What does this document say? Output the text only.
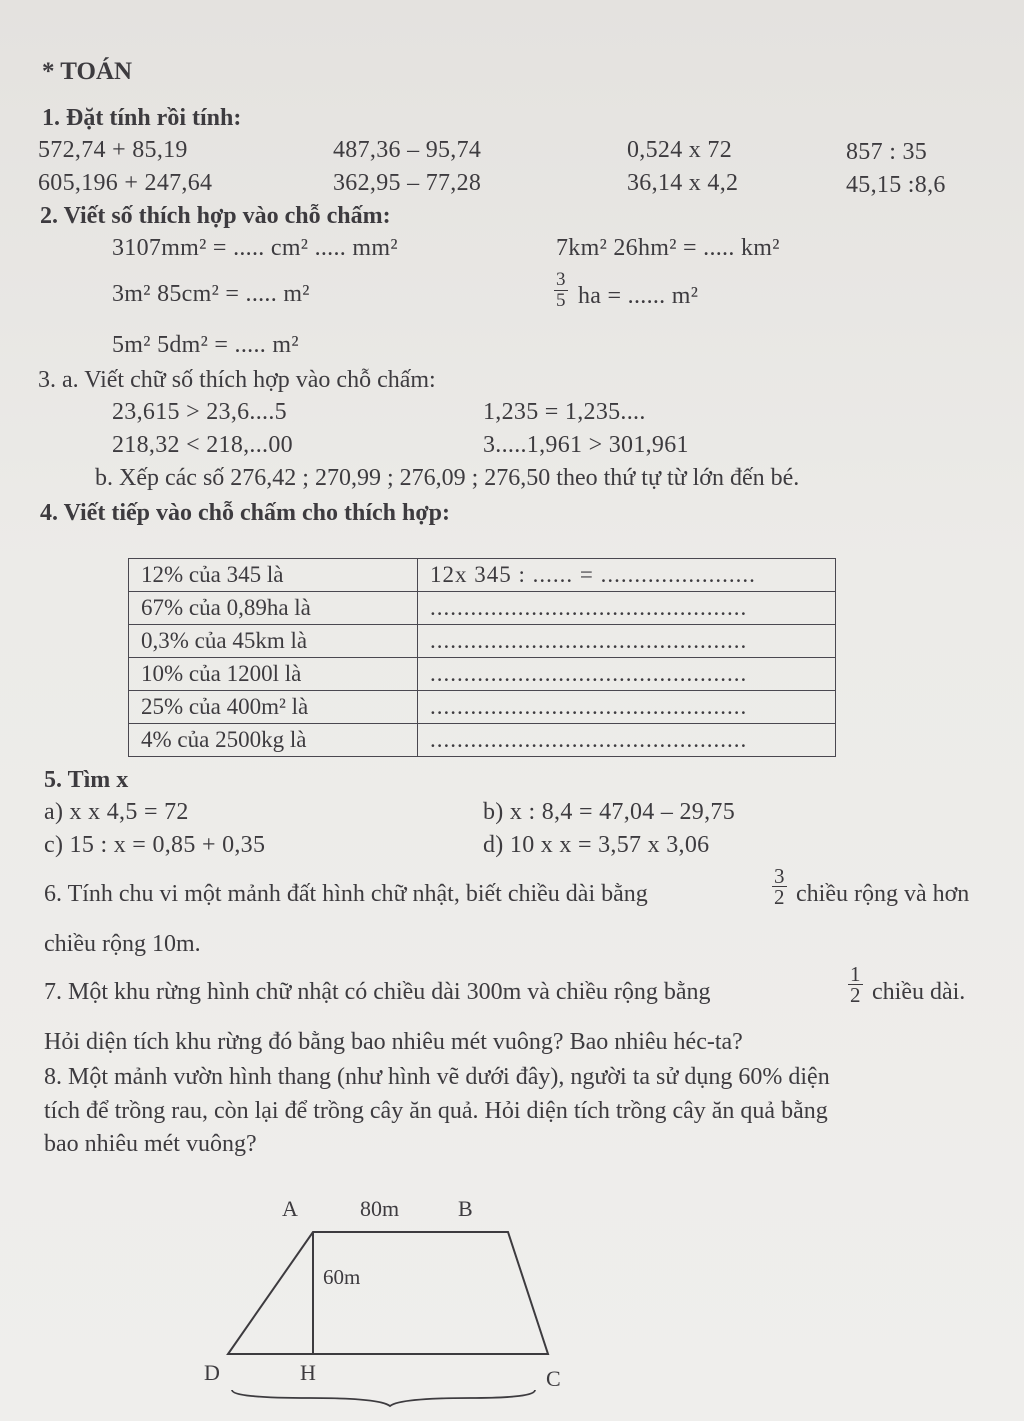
* TOÁN
1. Đặt tính rồi tính:
572,74 + 85,19	487,36 – 95,74	0,524 x 72	857 : 35
605,196 + 247,64	362,95 – 77,28	36,14 x 4,2	45,15 :8,6
2. Viết số thích hợp vào chỗ chấm:
3107mm² = ..... cm² ..... mm²	7km² 26hm² = ..... km²
3m² 85cm² = ..... m²	$\frac{3}{5}$ ha = ...... m²
5m² 5dm² = ..... m²
3. a. Viết chữ số thích hợp vào chỗ chấm:
23,615 > 23,6....5	1,235 = 1,235....
218,32 < 218,...00	3.....1,961 > 301,961
b. Xếp các số 276,42 ; 270,99 ; 276,09 ; 276,50 theo thứ tự từ lớn đến bé.
4. Viết tiếp vào chỗ chấm cho thích hợp:
12% của 345 là	12x 345 : ...... = .......................
67% của 0,89ha là	...............................................
0,3% của 45km là	...............................................
10% của 1200l là	...............................................
25% của 400m² là	...............................................
4% của 2500kg là	...............................................
5. Tìm x
a) x x 4,5 = 72	b) x : 8,4 = 47,04 – 29,75
c) 15 : x = 0,85 + 0,35	d) 10 x x = 3,57 x 3,06
6. Tính chu vi một mảnh đất hình chữ nhật, biết chiều dài bằng	$\frac{3}{2}$ chiều rộng và hơn
chiều rộng 10m.
7. Một khu rừng hình chữ nhật có chiều dài 300m và chiều rộng bằng	$\frac{1}{2}$ chiều dài.
Hỏi diện tích khu rừng đó bằng bao nhiêu mét vuông? Bao nhiêu héc-ta?
8. Một mảnh vườn hình thang (như hình vẽ dưới đây), người ta sử dụng 60% diện
tích để trồng rau, còn lại để trồng cây ăn quả. Hỏi diện tích trồng cây ăn quả bằng
bao nhiêu mét vuông?
A	80m	B
60m
D	H	C
